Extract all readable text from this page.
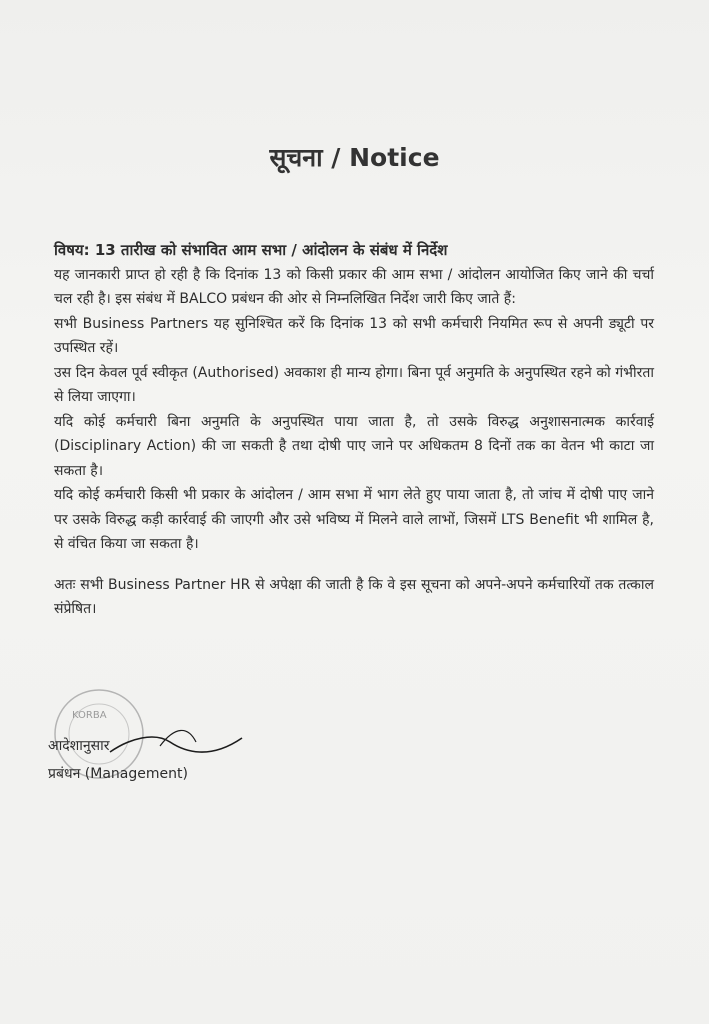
सूचना / Notice

विषय: 13 तारीख को संभावित आम सभा / आंदोलन के संबंध में निर्देश

यह जानकारी प्राप्त हो रही है कि दिनांक 13 को किसी प्रकार की आम सभा / आंदोलन आयोजित किए जाने की चर्चा चल रही है। इस संबंध में BALCO प्रबंधन की ओर से निम्नलिखित निर्देश जारी किए जाते हैं:

सभी Business Partners यह सुनिश्चित करें कि दिनांक 13 को सभी कर्मचारी नियमित रूप से अपनी ड्यूटी पर उपस्थित रहें।

उस दिन केवल पूर्व स्वीकृत (Authorised) अवकाश ही मान्य होगा। बिना पूर्व अनुमति के अनुपस्थित रहने को गंभीरता से लिया जाएगा।

यदि कोई कर्मचारी बिना अनुमति के अनुपस्थित पाया जाता है, तो उसके विरुद्ध अनुशासनात्मक कार्रवाई (Disciplinary Action) की जा सकती है तथा दोषी पाए जाने पर अधिकतम 8 दिनों तक का वेतन भी काटा जा सकता है।

यदि कोई कर्मचारी किसी भी प्रकार के आंदोलन / आम सभा में भाग लेते हुए पाया जाता है, तो जांच में दोषी पाए जाने पर उसके विरुद्ध कड़ी कार्रवाई की जाएगी और उसे भविष्य में मिलने वाले लाभों, जिसमें LTS Benefit भी शामिल है, से वंचित किया जा सकता है।

अतः सभी Business Partner HR से अपेक्षा की जाती है कि वे इस सूचना को अपने-अपने कर्मचारियों तक तत्काल संप्रेषित।

KORBA
आदेशानुसार
प्रबंधन (Management)
